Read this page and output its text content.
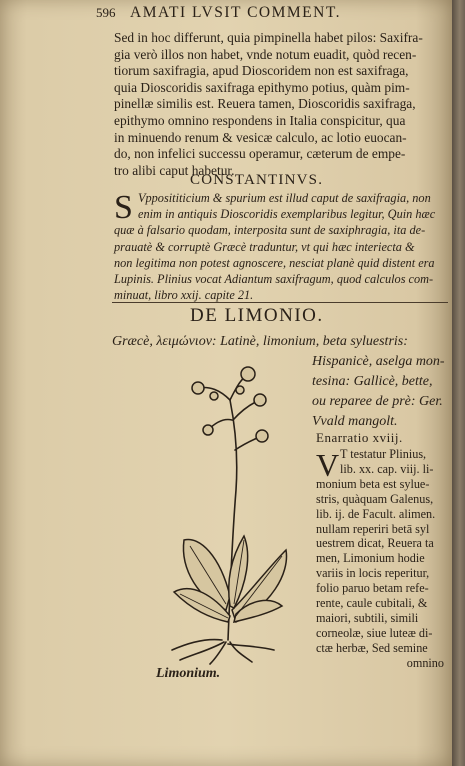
596 AMATI LVSIT COMMENT.
Sed in hoc differunt, quia pimpinella habet pilos: Saxifra-
gia verò illos non habet, vnde notum euadit, quòd recen-
tiorum saxifragia, apud Dioscoridem non est saxifraga,
quia Dioscoridis saxifraga epithymo potius, quàm pim-
pinellæ similis est. Reuera tamen, Dioscoridis saxifraga,
epithymo omnino respondens in Italia conspicitur, qua
in minuendo renum & vesicæ calculo, ac lotio euocan-
do, non infelici successu operamur, cæterum de empe-
tro alibi caput habetur.
CONSTANTINVS.
S Vpposititicium & spurium est illud caput de saxifragia, non
enim in antiquis Dioscoridis exemplaribus legitur, Quin hæc
quæ à falsario quodam, interposita sunt de saxiphragia, ita de-
prauatè & corruptè Græcè traduntur, vt qui hæc interiecta &
non legitima non potest agnoscere, nesciat planè quid distent era
Lupinis. Plinius vocat Adiantum saxifragum, quod calculos com-
minuat, libro xxij. capite 21.
DE LIMONIO.
Græcè, λειμώνιον: Latinè, limonium, beta syluestris:
Hispanicè, aselga mon-
tesina: Gallicè, bette,
ou reparee de prè: Ger.
Vvald mangolt.
Enarratio xviij.
V T testatur Plinius,
lib. xx. cap. viij. li-
monium beta est sylue-
stris, quàquam Galenus,
lib. ij. de Facult. alimen.
nullam reperiri betā syl
uestrem dicat, Reuera ta
men, Limonium hodie
variis in locis reperitur,
folio paruo betam refe-
rente, caule cubitali, &
maiori, subtili, simili
corneolæ, siue luteæ di-
ctæ herbæ, Sed semine
omnino
Limonium.
